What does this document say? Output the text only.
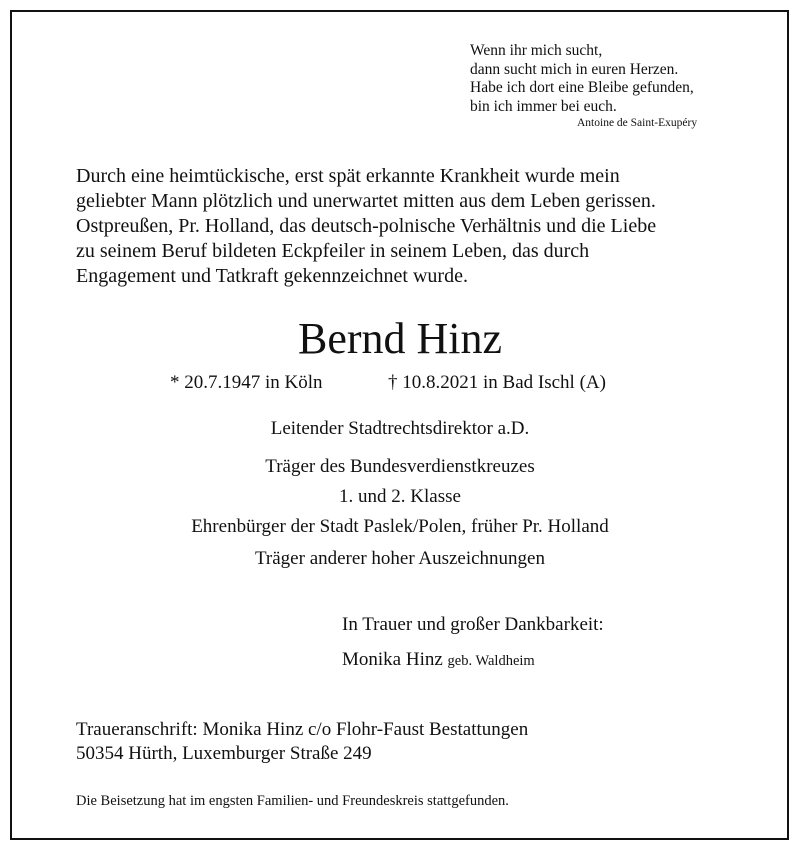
Wenn ihr mich sucht,
dann sucht mich in euren Herzen.
Habe ich dort eine Bleibe gefunden,
bin ich immer bei euch.
Antoine de Saint-Exupéry
Durch eine heimtückische, erst spät erkannte Krankheit wurde mein
geliebter Mann plötzlich und unerwartet mitten aus dem Leben gerissen.
Ostpreußen, Pr. Holland, das deutsch-polnische Verhältnis und die Liebe
zu seinem Beruf bildeten Eckpfeiler in seinem Leben, das durch
Engagement und Tatkraft gekennzeichnet wurde.
Bernd Hinz
* 20.7.1947 in Köln	† 10.8.2021 in Bad Ischl (A)
Leitender Stadtrechtsdirektor a.D.
Träger des Bundesverdienstkreuzes
1. und 2. Klasse
Ehrenbürger der Stadt Paslek/Polen, früher Pr. Holland
Träger anderer hoher Auszeichnungen
In Trauer und großer Dankbarkeit:
Monika Hinz geb. Waldheim
Traueranschrift: Monika Hinz c/o Flohr-Faust Bestattungen
50354 Hürth, Luxemburger Straße 249
Die Beisetzung hat im engsten Familien- und Freundeskreis stattgefunden.
